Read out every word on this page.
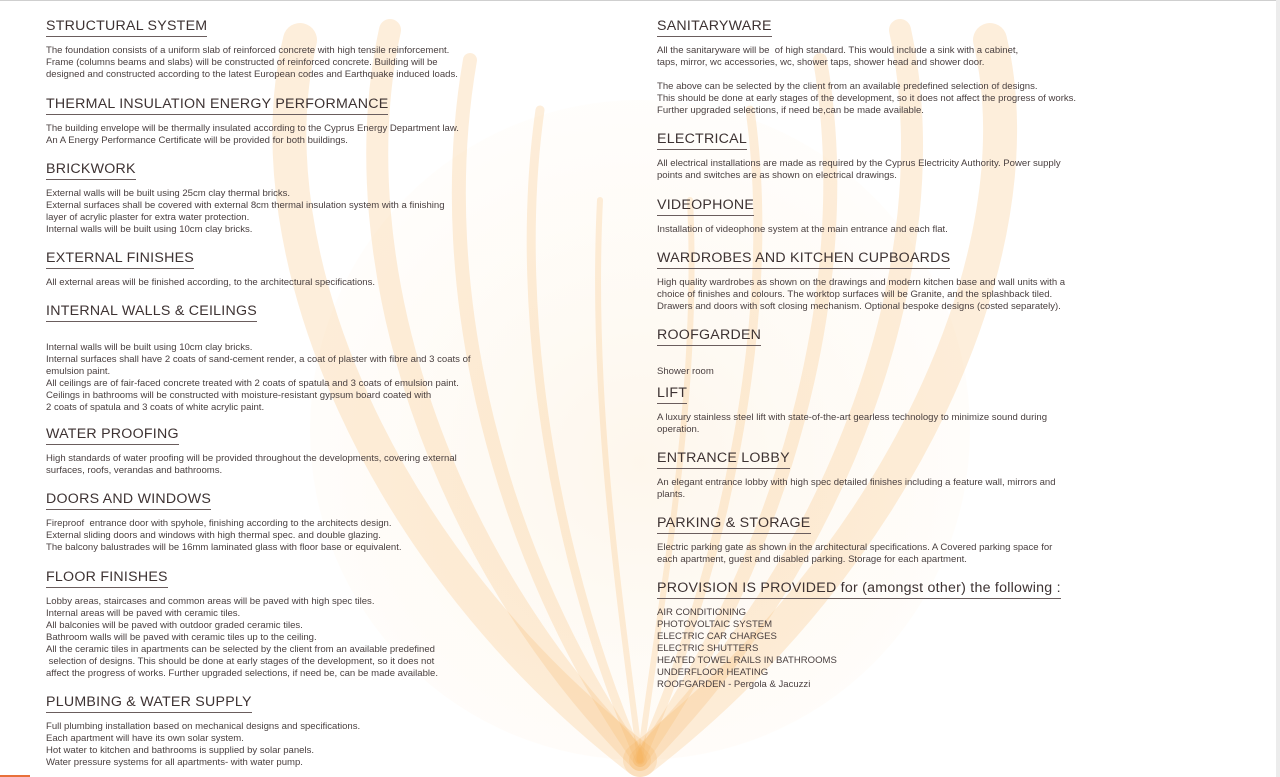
STRUCTURAL SYSTEM
The foundation consists of a uniform slab of reinforced concrete with high tensile reinforcement.
Frame (columns beams and slabs) will be constructed of reinforced concrete. Building will be
designed and constructed according to the latest European codes and Earthquake induced loads.
THERMAL INSULATION ENERGY PERFORMANCE
The building envelope will be thermally insulated according to the Cyprus Energy Department law.
An A Energy Performance Certificate will be provided for both buildings.
BRICKWORK
External walls will be built using 25cm clay thermal bricks.
External surfaces shall be covered with external 8cm thermal insulation system with a finishing
layer of acrylic plaster for extra water protection.
Internal walls will be built using 10cm clay bricks.
EXTERNAL FINISHES
All external areas will be finished according, to the architectural specifications.
INTERNAL WALLS & CEILINGS
Internal walls will be built using 10cm clay bricks.
Internal surfaces shall have 2 coats of sand-cement render, a coat of plaster with fibre and 3 coats of
emulsion paint.
All ceilings are of fair-faced concrete treated with 2 coats of spatula and 3 coats of emulsion paint.
Ceilings in bathrooms will be constructed with moisture-resistant gypsum board coated with
2 coats of spatula and 3 coats of white acrylic paint.
WATER PROOFING
High standards of water proofing will be provided throughout the developments, covering external
surfaces, roofs, verandas and bathrooms.
DOORS AND WINDOWS
Fireproof  entrance door with spyhole, finishing according to the architects design.
External sliding doors and windows with high thermal spec. and double glazing.
The balcony balustrades will be 16mm laminated glass with floor base or equivalent.
FLOOR FINISHES
Lobby areas, staircases and common areas will be paved with high spec tiles.
Internal areas will be paved with ceramic tiles.
All balconies will be paved with outdoor graded ceramic tiles.
Bathroom walls will be paved with ceramic tiles up to the ceiling.
All the ceramic tiles in apartments can be selected by the client from an available predefined
selection of designs. This should be done at early stages of the development, so it does not
affect the progress of works. Further upgraded selections, if need be, can be made available.
PLUMBING & WATER SUPPLY
Full plumbing installation based on mechanical designs and specifications.
Each apartment will have its own solar system.
Hot water to kitchen and bathrooms is supplied by solar panels.
Water pressure systems for all apartments- with water pump.
SANITARYWARE
All the sanitaryware will be  of high standard. This would include a sink with a cabinet,
taps, mirror, wc accessories, wc, shower taps, shower head and shower door.
The above can be selected by the client from an available predefined selection of designs.
This should be done at early stages of the development, so it does not affect the progress of works.
Further upgraded selections, if need be,can be made available.
ELECTRICAL
All electrical installations are made as required by the Cyprus Electricity Authority. Power supply
points and switches are as shown on electrical drawings.
VIDEOPHONE
Installation of videophone system at the main entrance and each flat.
WARDROBES AND KITCHEN CUPBOARDS
High quality wardrobes as shown on the drawings and modern kitchen base and wall units with a
choice of finishes and colours. The worktop surfaces will be Granite, and the splashback tiled.
Drawers and doors with soft closing mechanism. Optional bespoke designs (costed separately).
ROOFGARDEN
Shower room
LIFT
A luxury stainless steel lift with state-of-the-art gearless technology to minimize sound during
operation.
ENTRANCE LOBBY
An elegant entrance lobby with high spec detailed finishes including a feature wall, mirrors and
plants.
PARKING & STORAGE
Electric parking gate as shown in the architectural specifications. A Covered parking space for
each apartment, guest and disabled parking. Storage for each apartment.
PROVISION IS PROVIDED for (amongst other) the following :
AIR CONDITIONING
PHOTOVOLTAIC SYSTEM
ELECTRIC CAR CHARGES
ELECTRIC SHUTTERS
HEATED TOWEL RAILS IN BATHROOMS
UNDERFLOOR HEATING
ROOFGARDEN - Pergola & Jacuzzi
